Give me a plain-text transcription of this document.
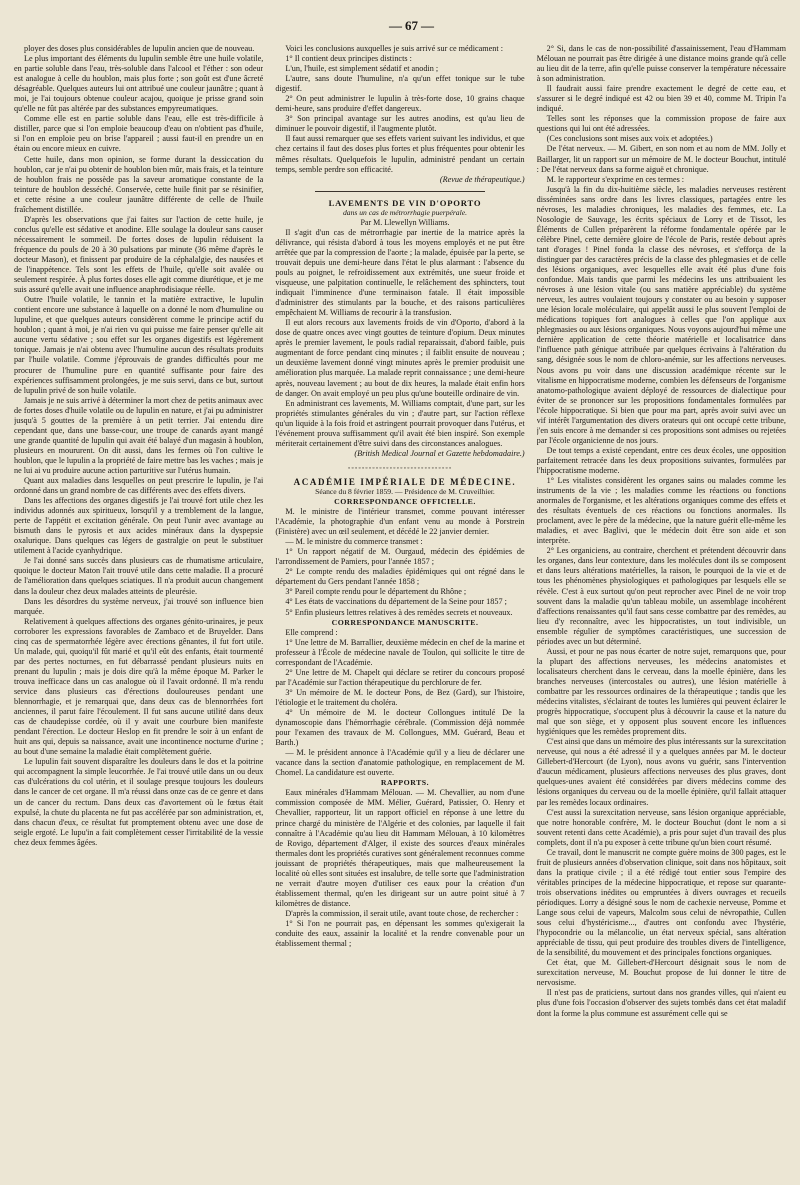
— 67 —

ployer des doses plus considérables de lupulin ancien que de nouveau.

Le plus important des éléments du lupulin semble être une huile volatile, en partie soluble dans l'eau, très-soluble dans l'alcool et l'éther : son odeur est analogue à celle du houblon, mais plus forte ; son goût est d'une âcreté désagréable. Quelques auteurs lui ont attribué une couleur jaunâtre ; quant à moi, je l'ai toujours obtenue couleur acajou, quoique je prisse grand soin qu'elle ne fût pas altérée par des substances empyreumatiques.

Comme elle est en partie soluble dans l'eau, elle est très-difficile à distiller, parce que si l'on emploie beaucoup d'eau on n'obtient pas d'huile, si l'on en emploie peu on brise l'appareil ; aussi faut-il en prendre un en étain ou encore mieux en cuivre.

Cette huile, dans mon opinion, se forme durant la dessiccation du houblon, car je n'ai pu obtenir de houblon bien mûr, mais frais, et la teinture de houblon frais ne possède pas la saveur aromatique constante de la teinture de houblon desséché. Conservée, cette huile finit par se résinifier, et cette résine a une couleur jaunâtre différente de celle de l'huile fraîchement distillée.

D'après les observations que j'ai faites sur l'action de cette huile, je conclus qu'elle est sédative et anodine. Elle soulage la douleur sans causer nécessairement le sommeil. De fortes doses de lupulin réduisent la fréquence du pouls de 20 à 30 pulsations par minute (36 même d'après le docteur Mason), et finissent par produire de la céphalalgie, des nausées et de l'inappétence. Tels sont les effets de l'huile, qu'elle soit avalée ou seulement respirée. À plus fortes doses elle agit comme diurétique, et je me suis assuré qu'elle avait une influence anaphrodisiaque réelle.

Outre l'huile volatile, le tannin et la matière extractive, le lupulin contient encore une substance à laquelle on a donné le nom d'humuline ou lupuline, et que quelques auteurs considèrent comme le principe actif du houblon ; quant à moi, je n'ai rien vu qui puisse me faire penser qu'elle ait aucune vertu sédative ; sou effet sur les organes digestifs est légèrement tonique. Jamais je n'ai obtenu avec l'humuline aucun des résultats produits par l'huile volatile. Comme j'éprouvais de grandes difficultés pour me procurer de l'humuline pure en quantité suffisante pour faire des expériences suffisamment prolongées, je me suis servi, dans ce but, surtout de lupulin privé de son huile volatile.

Jamais je ne suis arrivé à déterminer la mort chez de petits animaux avec de fortes doses d'huile volatile ou de lupulin en nature, et j'ai pu administrer jusqu'à 5 gouttes de la première à un petit terrier. J'ai entendu dire cependant que, dans une basse-cour, une troupe de canards ayant mangé une grande quantité de lupulin qui avait été balayé d'un magasin à houblon, plusieurs en moururent. On dit aussi, dans les fermes où l'on cultive le houblon, que le lupulin a la propriété de faire mettre bas les vaches ; mais je ne lui ai vu produire aucune action parturitive sur l'utérus humain.

Quant aux maladies dans lesquelles on peut prescrire le lupulin, je l'ai ordonné dans un grand nombre de cas différents avec des effets divers.

Dans les affections des organes digestifs je l'ai trouvé fort utile chez les individus adonnés aux spiritueux, lorsqu'il y a tremblement de la langue, perte de l'appétit et excitation générale. On peut l'unir avec avantage au bismuth dans le pyrosis et aux acides minéraux dans la dyspepsie oxalurique. Dans quelques cas légers de gastralgie on peut le substituer utilement à l'acide cyanhydrique.

Je l'ai donné sans succès dans plusieurs cas de rhumatisme articulaire, quoique le docteur Maton l'ait trouvé utile dans cette maladie. Il a procuré de l'amélioration dans quelques sciatiques. Il n'a produit aucun changement dans la douleur chez deux malades atteints de pleurésie.

Dans les désordres du système nerveux, j'ai trouvé son influence bien marquée.

Relativement à quelques affections des organes génito-urinaires, je peux corroborer les expressions favorables de Zambaco et de Bruyelder. Dans cinq cas de spermatorrhée légère avec érections gênantes, il fut fort utile. Un malade, qui, quoiqu'il fût marié et qu'il eût des enfants, était tourmenté par des pertes nocturnes, en fut débarrassé pendant plusieurs nuits en prenant du lupulin ; mais je dois dire qu'à la même époque M. Parker le trouva inefficace dans un cas analogue où il l'avait ordonné. Il m'a rendu service dans plusieurs cas d'érections douloureuses pendant une blennorrhagie, et je remarquai que, dans deux cas de blennorrhées fort anciennes, il parut faire l'écoulement. Il fut sans aucune utilité dans deux cas de chaudepisse cordée, où il y avait une courbure bien manifeste pendant l'érection. Le docteur Heslop en fit prendre le soir à un enfant de huit ans qui, depuis sa naissance, avait une incontinence nocturne d'urine ; au bout d'une semaine la maladie était complètement guérie.

Le lupulin fait souvent disparaître les douleurs dans le dos et la poitrine qui accompagnent la simple leucorrhée. Je l'ai trouvé utile dans un ou deux cas d'ulcérations du col utérin, et il soulage presque toujours les douleurs dans le cancer de cet organe. Il m'a réussi dans onze cas de ce genre et dans un de cancer du rectum. Dans deux cas d'avortement où le fœtus était expulsé, la chute du placenta ne fut pas accélérée par son administration, et, dans chacun d'eux, ce résultat fut promptement obtenu avec une dose de seigle ergoté. Le lupu'in a fait complètement cesser l'irritabilité de la vessie chez deux femmes âgées.

Voici les conclusions auxquelles je suis arrivé sur ce médicament :

1° Il contient deux principes distincts :

L'un, l'huile, est simplement sédatif et anodin ;

L'autre, sans doute l'humuline, n'a qu'un effet tonique sur le tube digestif.

2° On peut administrer le lupulin à très-forte dose, 10 grains chaque demi-heure, sans produire d'effet dangereux.

3° Son principal avantage sur les autres anodins, est qu'au lieu de diminuer le pouvoir digestif, il l'augmente plutôt.

Il faut aussi remarquer que ses effets varient suivant les individus, et que chez certains il faut des doses plus fortes et plus fréquentes pour obtenir les mêmes résultats. Quelquefois le lupulin, administré pendant un certain temps, semble perdre son efficacité.

(Revue de thérapeutique.)

LAVEMENTS DE VIN D'OPORTO

dans un cas de métrorrhagie puerpérale.

Par M. Llewellyn Williams.

Il s'agit d'un cas de métrorrhagie par inertie de la matrice après la délivrance, qui résista d'abord à tous les moyens employés et ne put être arrêtée que par la compression de l'aorte ; la malade, épuisée par la perte, se trouvait depuis une demi-heure dans l'état le plus alarmant : l'absence du pouls au poignet, le refroidissement aux extrémités, une sueur froide et visqueuse, une palpitation continuelle, le relâchement des sphincters, tout indiquait l'imminence d'une terminaison fatale. Il était impossible d'administrer des stimulants par la bouche, et des raisons particulières empêchaient M. Williams de recourir à la transfusion.

Il eut alors recours aux lavements froids de vin d'Oporto, d'abord à la dose de quatre onces avec vingt gouttes de teinture d'opium. Deux minutes après le premier lavement, le pouls radial reparaissait, d'abord faible, puis augmentant de force pendant cinq minutes ; il faiblit ensuite de nouveau ; un deuxième lavement donné vingt minutes après le premier produisit une amélioration plus marquée. La malade reprit connaissance ; une demi-heure après, nouveau lavement ; au bout de dix heures, la malade était enfin hors de danger. On avait employé un peu plus qu'une bouteille ordinaire de vin.

En administrant ces lavements, M. Williams comptait, d'une part, sur les propriétés stimulantes générales du vin ; d'autre part, sur l'action réflexe qu'un liquide à la fois froid et astringent pourrait provoquer dans l'utérus, et l'événement prouva suffisamment qu'il avait été bien inspiré. Son exemple mériterait certainement d'être suivi dans des circonstances analogues.

(British Medical Journal et Gazette hebdomadaire.)

◦◦◦◦◦◦◦◦◦◦◦◦◦◦◦◦◦◦◦◦◦◦◦◦◦◦◦◦◦◦

ACADÉMIE IMPÉRIALE DE MÉDECINE.

Séance du 8 février 1859. — Présidence de M. Cruveilhier.

CORRESPONDANCE OFFICIELLE.

M. le ministre de l'intérieur transmet, comme pouvant intéresser l'Académie, la photographie d'un enfant venu au monde à Porstrein (Finistère) avec un œil seulement, et décédé le 22 janvier dernier.

— M. le ministre du commerce transmet :

1° Un rapport négatif de M. Ourgaud, médecin des épidémies de l'arrondissement de Pamiers, pour l'année 1857 ;

2° Le compte rendu des maladies épidémiques qui ont régné dans le département du Gers pendant l'année 1858 ;

3° Pareil compte rendu pour le département du Rhône ;

4° Les états de vaccinations du département de la Seine pour 1857 ;

5° Enfin plusieurs lettres relatives à des remèdes secrets et nouveaux.

CORRESPONDANCE MANUSCRITE.

Elle comprend :

1° Une lettre de M. Barrallier, deuxième médecin en chef de la marine et professeur à l'École de médecine navale de Toulon, qui sollicite le titre de correspondant de l'Académie.

2° Une lettre de M. Chapelt qui déclare se retirer du concours proposé par l'Académie sur l'action thérapeutique du perchlorure de fer.

3° Un mémoire de M. le docteur Pons, de Bez (Gard), sur l'histoire, l'étiologie et le traitement du choléra.

4° Un mémoire de M. le docteur Collongues intitulé De la dynamoscopie dans l'hémorrhagie cérébrale. (Commission déjà nommée pour l'examen des travaux de M. Collongues, MM. Guérard, Beau et Barth.)

— M. le président annonce à l'Académie qu'il y a lieu de déclarer une vacance dans la section d'anatomie pathologique, en remplacement de M. Chomel. La candidature est ouverte.

RAPPORTS.

Eaux minérales d'Hammam Mélouan. — M. Chevallier, au nom d'une commission composée de MM. Mélier, Guérard, Patissier, O. Henry et Chevallier, rapporteur, lit un rapport officiel en réponse à une lettre du prince chargé du ministère de l'Algérie et des colonies, par laquelle il fait connaître à l'Académie qu'au lieu dit Hammam Mélouan, à 10 kilomètres de Rovigo, département d'Alger, il existe des sources d'eaux minérales thermales dont les propriétés curatives sont généralement reconnues comme jouissant de propriétés thérapeutiques, mais que malheureusement la localité où elles sont situées est insalubre, de telle sorte que l'administration ne verrait d'autre moyen d'utiliser ces eaux pour la création d'un établissement thermal, qu'en les dirigeant sur un autre point situé à 7 kilomètres de distance.

D'après la commission, il serait utile, avant toute chose, de rechercher :

1° Si l'on ne pourrait pas, en dépensant les sommes qu'exigerait la conduite des eaux, assainir la localité et la rendre convenable pour un établissement thermal ;

2° Si, dans le cas de non-possibilité d'assainissement, l'eau d'Hammam Mélouan ne pourrait pas être dirigée à une distance moins grande qu'à celle au lieu dit de la terre, afin qu'elle puisse conserver la température nécessaire à son administration.

Il faudrait aussi faire prendre exactement le degré de cette eau, et s'assurer si le degré indiqué est 42 ou bien 39 et 40, comme M. Tripin l'a indiqué.

Telles sont les réponses que la commission propose de faire aux questions qui lui ont été adressées.

(Ces conclusions sont mises aux voix et adoptées.)

De l'état nerveux. — M. Gibert, en son nom et au nom de MM. Jolly et Baillarger, lit un rapport sur un mémoire de M. le docteur Bouchut, intitulé : De l'état nerveux dans sa forme aiguë et chronique.

M. le rapporteur s'exprime en ces termes :

Jusqu'à la fin du dix-huitième siècle, les maladies nerveuses restèrent disséminées sans ordre dans les livres classiques, partagées entre les névroses, les maladies chroniques, les maladies des femmes, etc. La Nosologie de Sauvage, les écrits spéciaux de Lorry et de Tissot, les Éléments de Cullen préparèrent la réforme fondamentale opérée par le célèbre Pinel, cette dernière gloire de l'école de Paris, restée debout après tant d'orages ! Pinel fonda la classe des névroses, et s'efforça de la distinguer par des caractères précis de la classe des phlegmasies et de celle des lésions organiques, avec lesquelles elle avait été plus d'une fois confondue. Mais tandis que parmi les médecins les uns attribuaient les névroses à une lésion vitale (ou sans matière appréciable) du système nerveux, les autres voulaient toujours y constater ou au besoin y supposer une lésion locale moléculaire, qui appelât aussi le plus souvent l'emploi de médications topiques fort analogues à celles que l'on applique aux phlegmasies ou aux lésions organiques. Nous voyons aujourd'hui même une dernière application de cette théorie matérielle et localisatrice dans l'influence path génique attribuée par quelques écrivains à l'altération du sang, désignée sous le nom de chloro-anémie, sur les affections nerveuses. Nous avons pu voir dans une discussion académique récente sur le vitalisme en hippocratisme moderne, combien les défenseurs de l'organisme anatomo-pathologique avaient déployé de ressources de dialectique pour éviter de se prononcer sur les propositions fondamentales formulées par l'école hippocratique. Si bien que pour ma part, après avoir suivi avec un vif intérêt l'argumentation des divers orateurs qui ont occupé cette tribune, j'en suis encore à me demander si ces propositions sont admises ou rejetées par l'école organicienne de nos jours.

De tout temps a existé cependant, entre ces deux écoles, une opposition parfaitement retracée dans les deux propositions suivantes, formulées par l'hippocratisme moderne.

1° Les vitalistes considèrent les organes sains ou malades comme les instruments de la vie ; les maladies comme les réactions ou fonctions anormales de l'organisme, et les altérations organiques comme des effets et des résultats éventuels de ces réactions ou fonctions anormales. Ils proclament, avec le père de la médecine, que la nature guérit elle-même les maladies, et avec Baglivi, que le médecin doit être son aide et son interprète.

2° Les organiciens, au contraire, cherchent et prétendent découvrir dans les organes, dans leur contexture, dans les molécules dont ils se composent et dans leurs altérations matérielles, la raison, le pourquoi de la vie et de tous les phénomènes physiologiques et pathologiques par lesquels elle se révèle. C'est à eux surtout qu'on peut reprocher avec Pinel de ne voir trop souvent dans la maladie qu'un tableau mobile, un assemblage incohérent d'affections renaissantes qu'il faut sans cesse combattre par des remèdes, au lieu d'y reconnaître, avec les hippocratistes, un tout indivisible, un ensemble régulier de symptômes caractéristiques, une succession de périodes avec un but déterminé.

Aussi, et pour ne pas nous écarter de notre sujet, remarquons que, pour la plupart des affections nerveuses, les médecins anatomistes et localisateurs cherchent dans le cerveau, dans la moelle épinière, dans les branches nerveuses (intercostales ou autres), une lésion matérielle à combattre par les ressources ordinaires de la thérapeutique ; tandis que les médecins vitalistes, s'éclairant de toutes les lumières qui peuvent éclairer le progrès hippocratique, s'occupent plus à découvrir la cause et la nature du mal que son siège, et y opposent plus souvent encore les influences hygiéniques que les remèdes proprement dits.

C'est ainsi que dans un mémoire des plus intéressants sur la surexcitation nerveuse, qui nous a été adressé il y a quelques années par M. le docteur Gillebert-d'Hercourt (de Lyon), nous avons vu guérir, sans l'intervention d'aucun médicament, plusieurs affections nerveuses des plus graves, dont quelques-unes avaient été considérées par divers médecins comme des lésions organiques du cerveau ou de la moelle épinière, qu'il fallait attaquer par les remèdes locaux ordinaires.

C'est aussi la surexcitation nerveuse, sans lésion organique appréciable, que notre honorable confrère, M. le docteur Bouchut (dont le nom a si souvent retenti dans cette Académie), a pris pour sujet d'un travail des plus complets, dont il n'a pu exposer à cette tribune qu'un bien court résumé.

Ce travail, dont le manuscrit ne compte guère moins de 300 pages, est le fruit de plusieurs années d'observation clinique, soit dans nos hôpitaux, soit dans la pratique civile ; il a été rédigé tout entier sous l'empire des véritables principes de la médecine hippocratique, et repose sur quarante-trois observations inédites ou empruntées à divers ouvrages et recueils périodiques. Lorry a désigné sous le nom de cachexie nerveuse, Pomme et Lange sous celui de vapeurs, Malcolm sous celui de névropathie, Cullen sous celui d'hystéricisme..., d'autres ont confondu avec l'hystérie, l'hypocondrie ou la mélancolie, un état nerveux spécial, sans altération appréciable de tissu, qui peut produire des troubles divers de l'intelligence, de la sensibilité, du mouvement et des principales fonctions organiques.

Cet état, que M. Gillebert-d'Hercourt désignait sous le nom de surexcitation nerveuse, M. Bouchut propose de lui donner le titre de nervosisme.

Il n'est pas de praticiens, surtout dans nos grandes villes, qui n'aient eu plus d'une fois l'occasion d'observer des sujets tombés dans cet état maladif dont la forme la plus commune est assurément celle qui se
